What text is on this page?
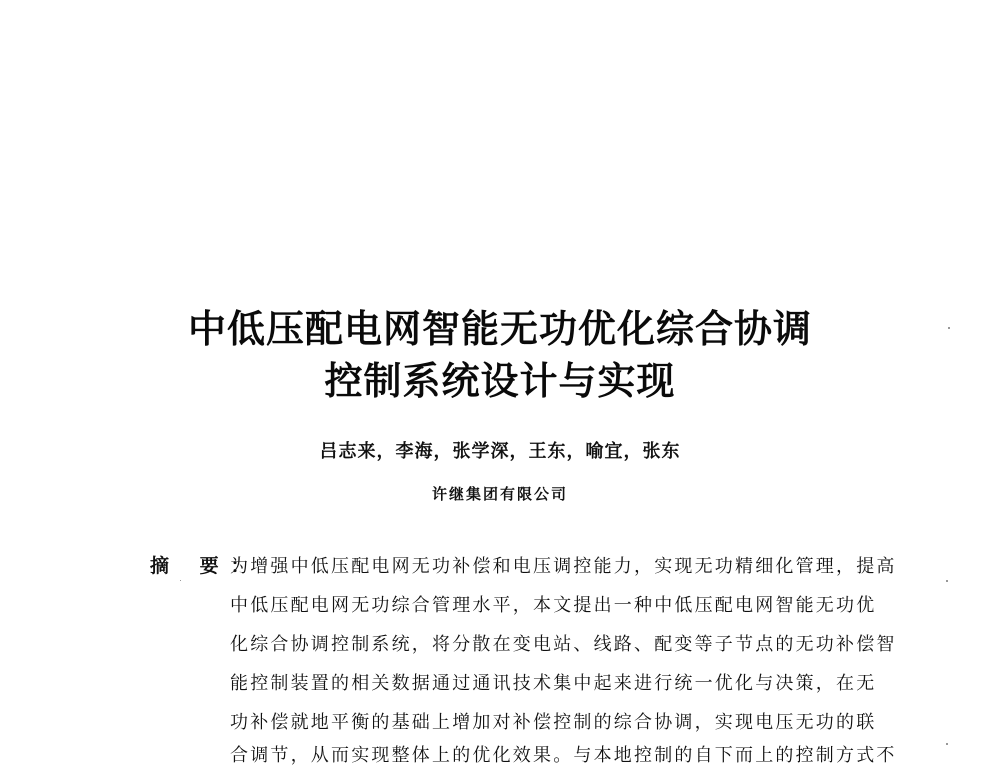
中低压配电网智能无功优化综合协调
控制系统设计与实现
吕志来，李海，张学深，王东，喻宜，张东
许继集团有限公司
摘 要：
为增强中低压配电网无功补偿和电压调控能力，实现无功精细化管理，提高
中低压配电网无功综合管理水平，本文提出一种中低压配电网智能无功优
化综合协调控制系统，将分散在变电站、线路、配变等子节点的无功补偿智
能控制装置的相关数据通过通讯技术集中起来进行统一优化与决策，在无
功补偿就地平衡的基础上增加对补偿控制的综合协调，实现电压无功的联
合调节，从而实现整体上的优化效果。与本地控制的自下而上的控制方式不
